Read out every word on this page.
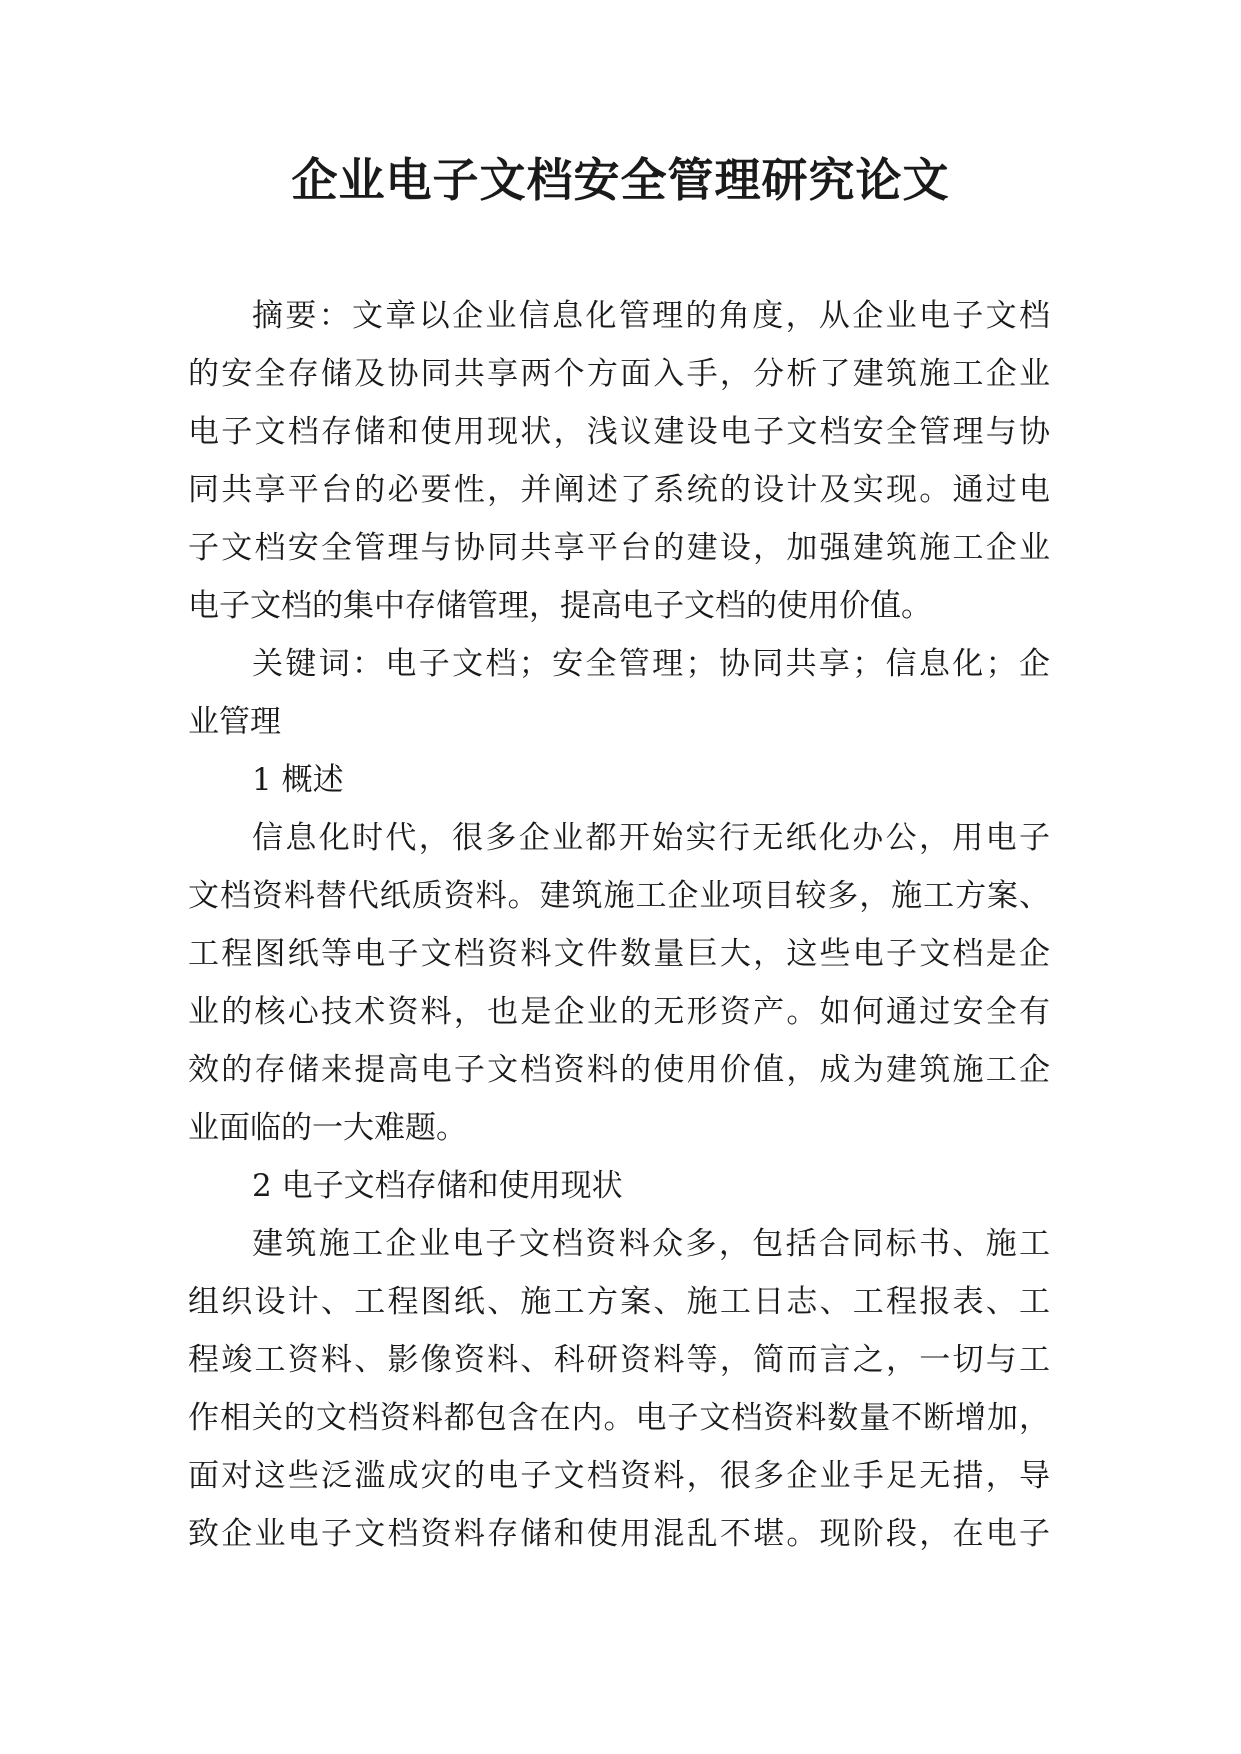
企业电子文档安全管理研究论文
摘要：文章以企业信息化管理的角度，从企业电子文档
的安全存储及协同共享两个方面入手，分析了建筑施工企业
电子文档存储和使用现状，浅议建设电子文档安全管理与协
同共享平台的必要性，并阐述了系统的设计及实现。通过电
子文档安全管理与协同共享平台的建设，加强建筑施工企业
电子文档的集中存储管理，提高电子文档的使用价值。
关键词：电子文档；安全管理；协同共享；信息化；企
业管理
1 概述
信息化时代，很多企业都开始实行无纸化办公，用电子
文档资料替代纸质资料。建筑施工企业项目较多，施工方案、
工程图纸等电子文档资料文件数量巨大，这些电子文档是企
业的核心技术资料，也是企业的无形资产。如何通过安全有
效的存储来提高电子文档资料的使用价值，成为建筑施工企
业面临的一大难题。
2 电子文档存储和使用现状
建筑施工企业电子文档资料众多，包括合同标书、施工
组织设计、工程图纸、施工方案、施工日志、工程报表、工
程竣工资料、影像资料、科研资料等，简而言之，一切与工
作相关的文档资料都包含在内。电子文档资料数量不断增加，
面对这些泛滥成灾的电子文档资料，很多企业手足无措，导
致企业电子文档资料存储和使用混乱不堪。现阶段，在电子
